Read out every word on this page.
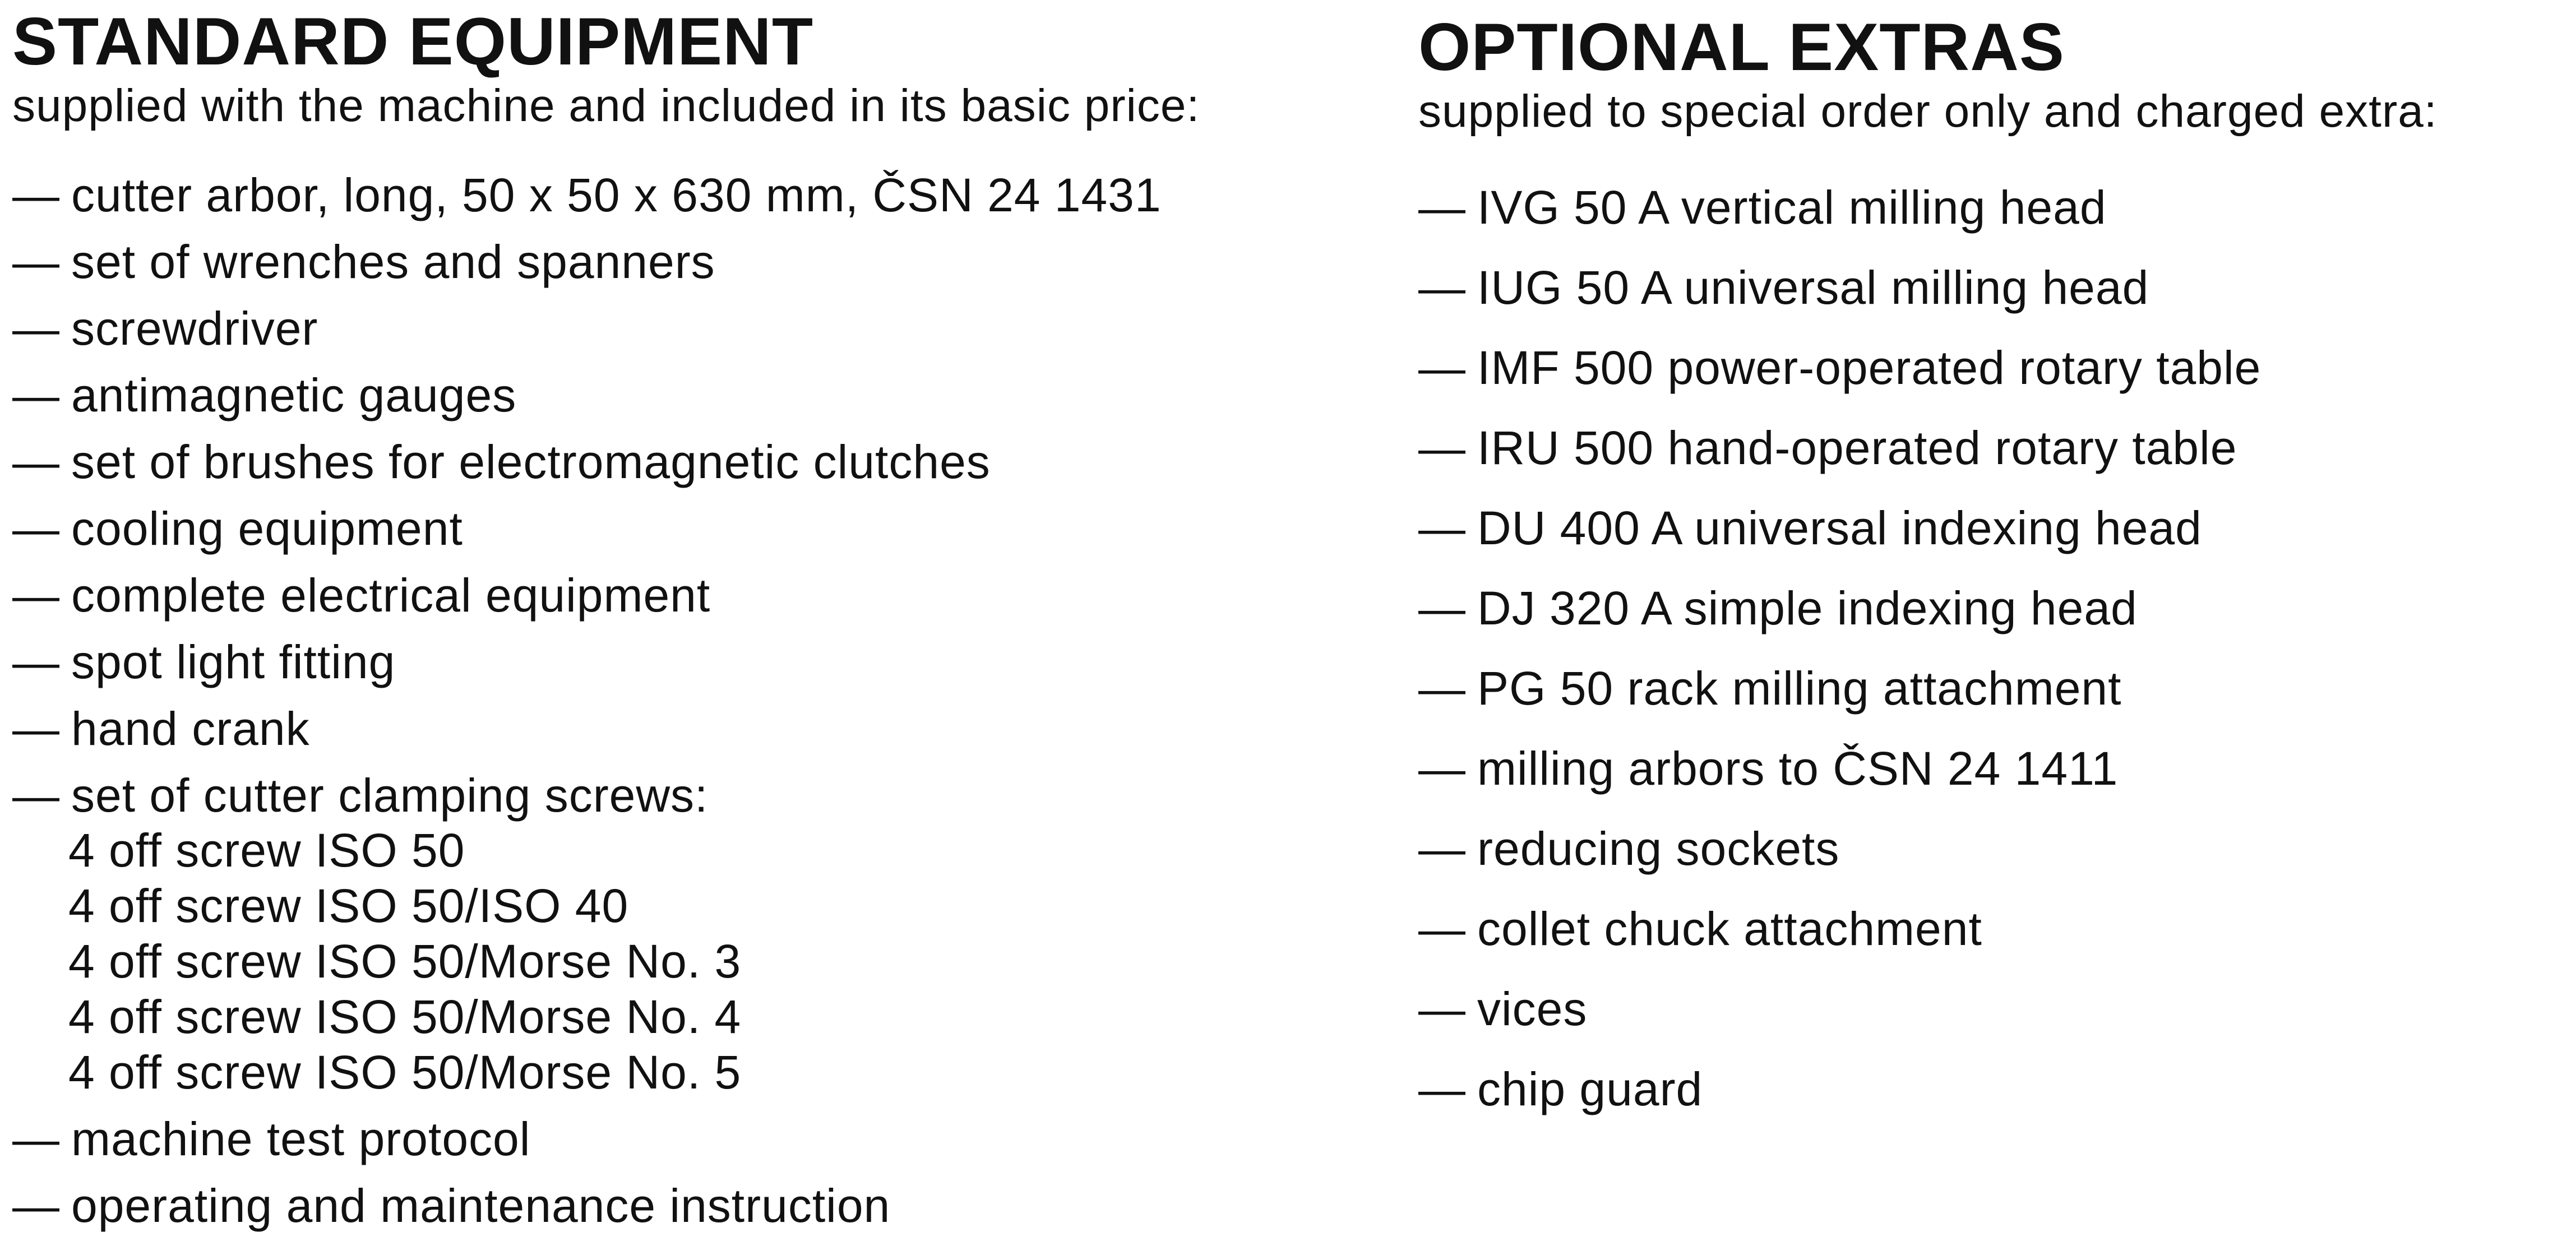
STANDARD EQUIPMENT
supplied with the machine and included in its basic price:
— cutter arbor, long, 50 x 50 x 630 mm, ČSN 24 1431
— set of wrenches and spanners
— screwdriver
— antimagnetic gauges
— set of brushes for electromagnetic clutches
— cooling equipment
— complete electrical equipment
— spot light fitting
— hand crank
— set of cutter clamping screws:
4 off screw ISO 50
4 off screw ISO 50/ISO 40
4 off screw ISO 50/Morse No. 3
4 off screw ISO 50/Morse No. 4
4 off screw ISO 50/Morse No. 5
— machine test protocol
— operating and maintenance instruction
OPTIONAL EXTRAS
supplied to special order only and charged extra:
— IVG 50 A vertical milling head
— IUG 50 A universal milling head
— IMF 500 power-operated rotary table
— IRU 500 hand-operated rotary table
— DU 400 A universal indexing head
— DJ 320 A simple indexing head
— PG 50 rack milling attachment
— milling arbors to ČSN 24 1411
— reducing sockets
— collet chuck attachment
— vices
— chip guard
